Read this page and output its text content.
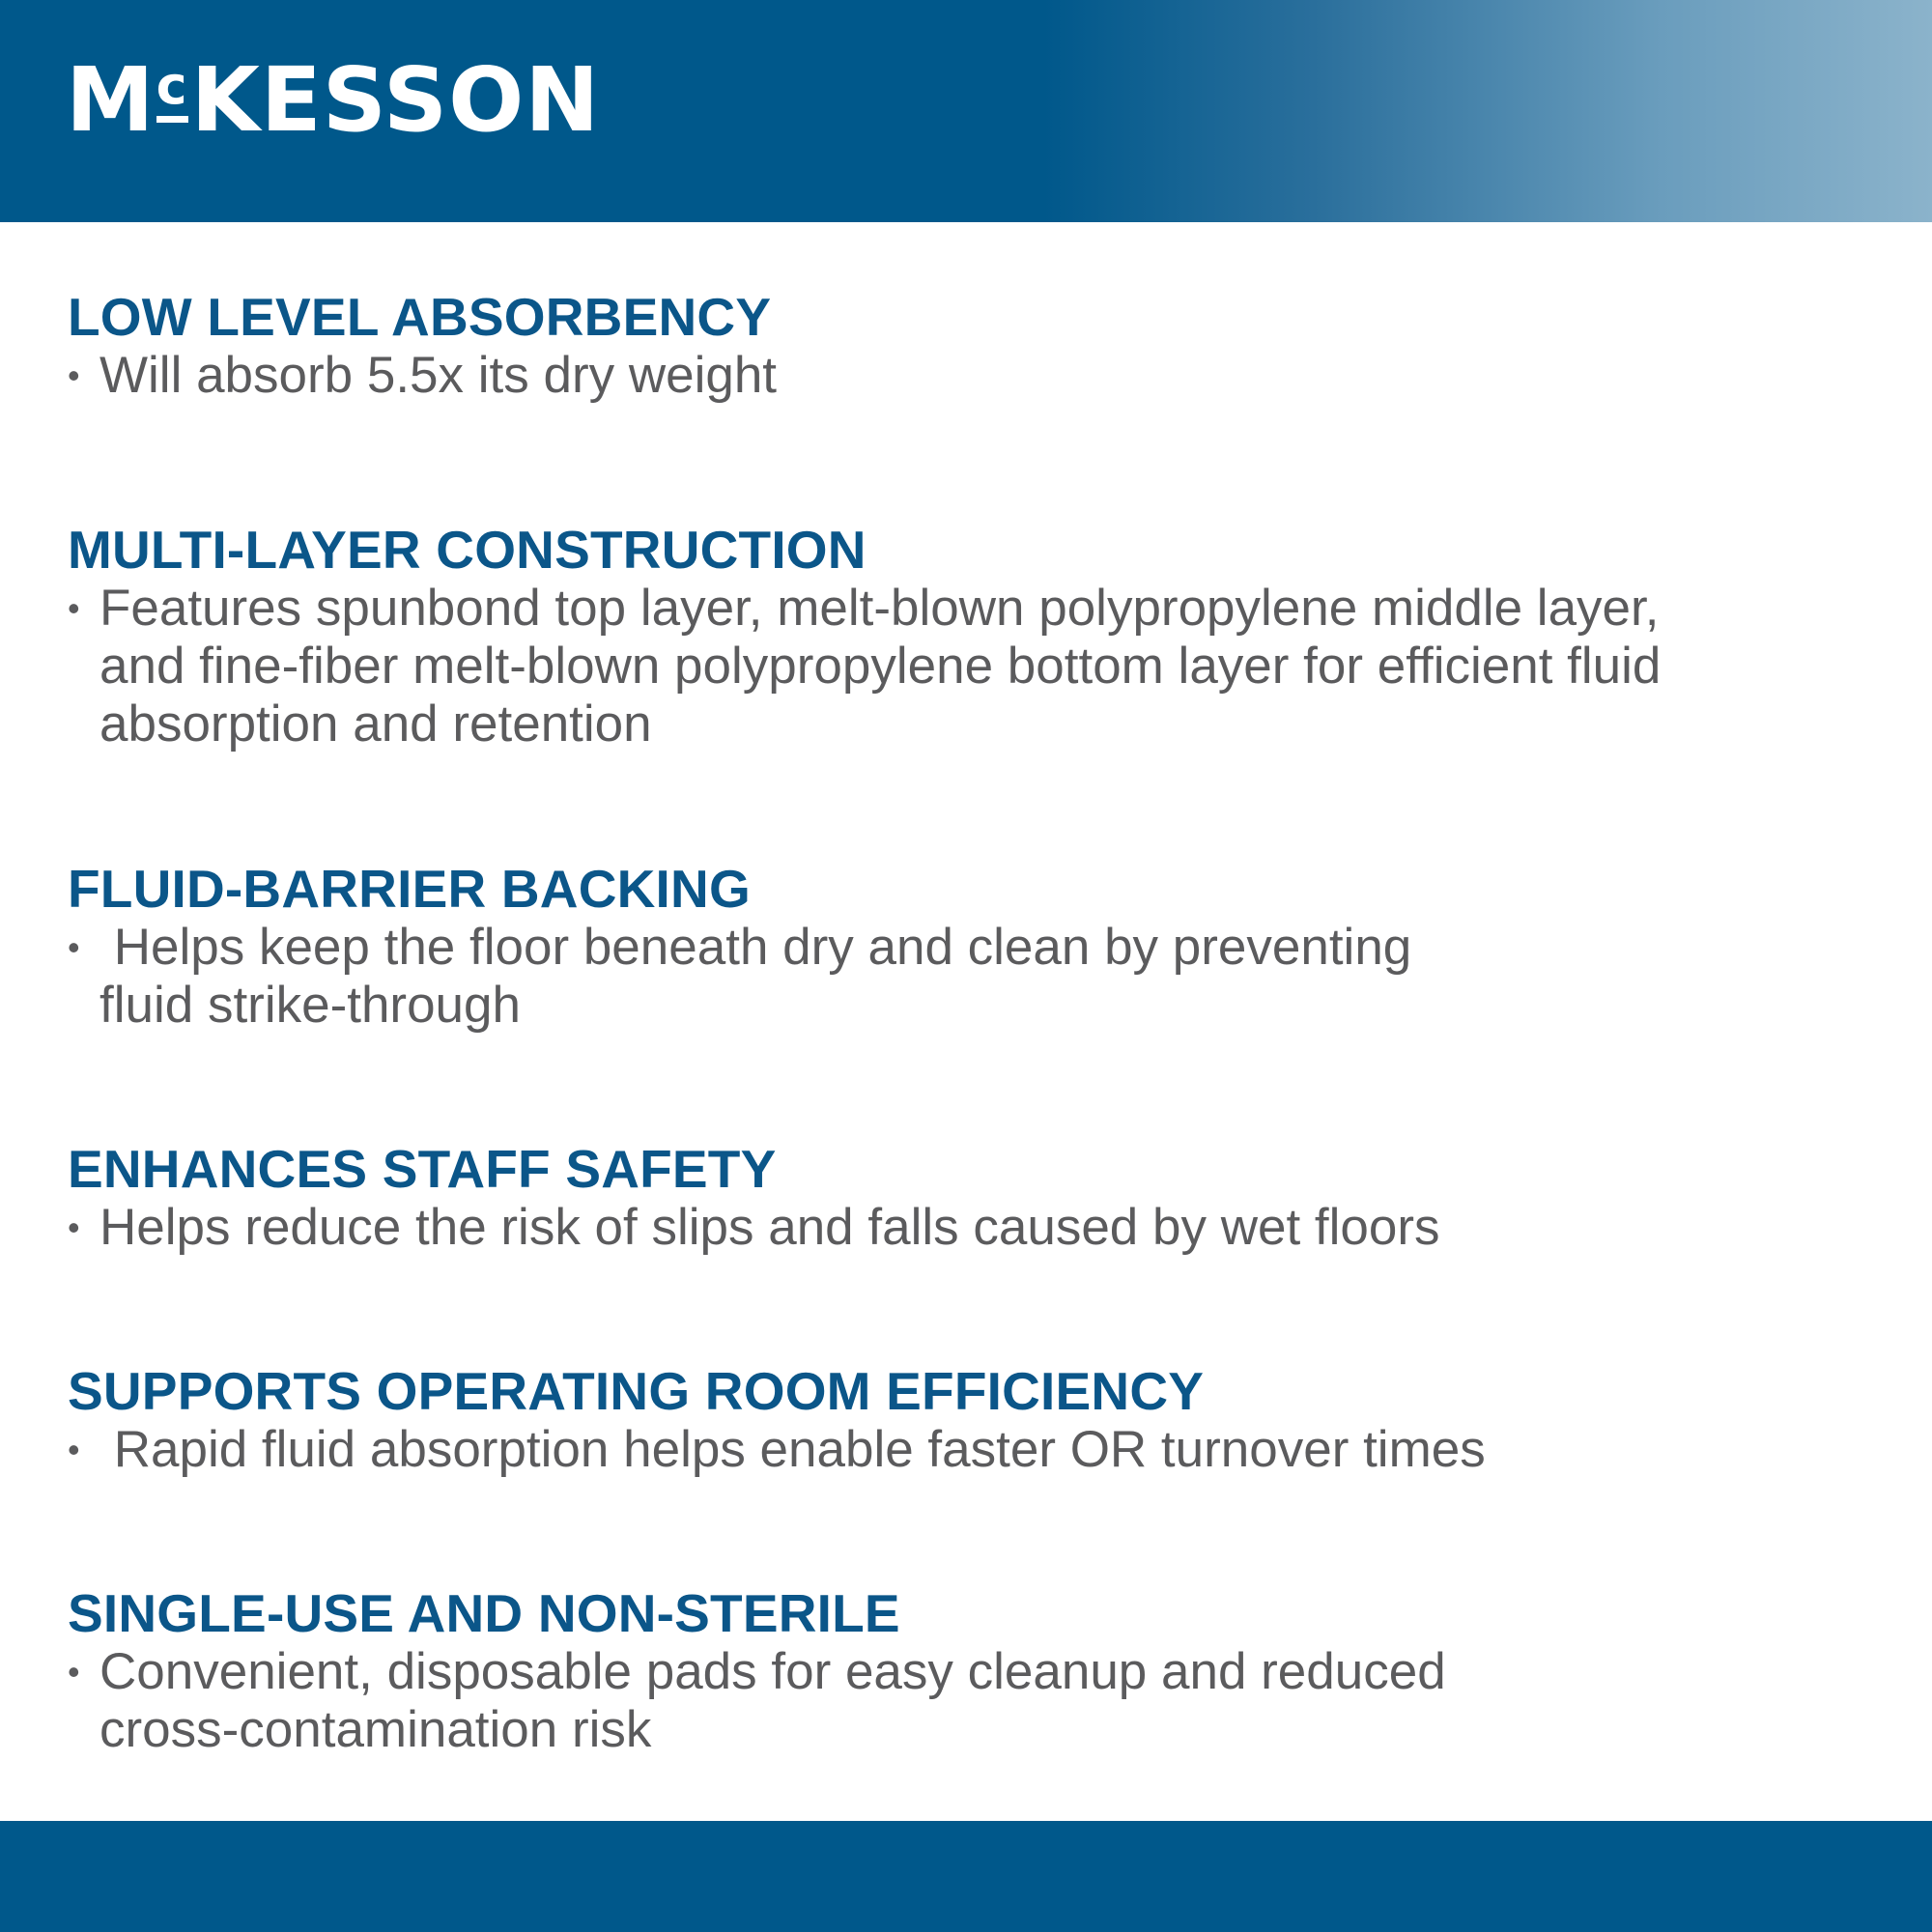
M c KESSON
LOW LEVEL ABSORBENCY
• Will absorb 5.5x its dry weight
MULTI-LAYER CONSTRUCTION
• Features spunbond top layer, melt-blown polypropylene middle layer,
and fine-fiber melt-blown polypropylene bottom layer for efficient fluid
absorption and retention
FLUID-BARRIER BACKING
• Helps keep the floor beneath dry and clean by preventing
fluid strike-through
ENHANCES STAFF SAFETY
• Helps reduce the risk of slips and falls caused by wet floors
SUPPORTS OPERATING ROOM EFFICIENCY
• Rapid fluid absorption helps enable faster OR turnover times
SINGLE-USE AND NON-STERILE
• Convenient, disposable pads for easy cleanup and reduced
cross-contamination risk
